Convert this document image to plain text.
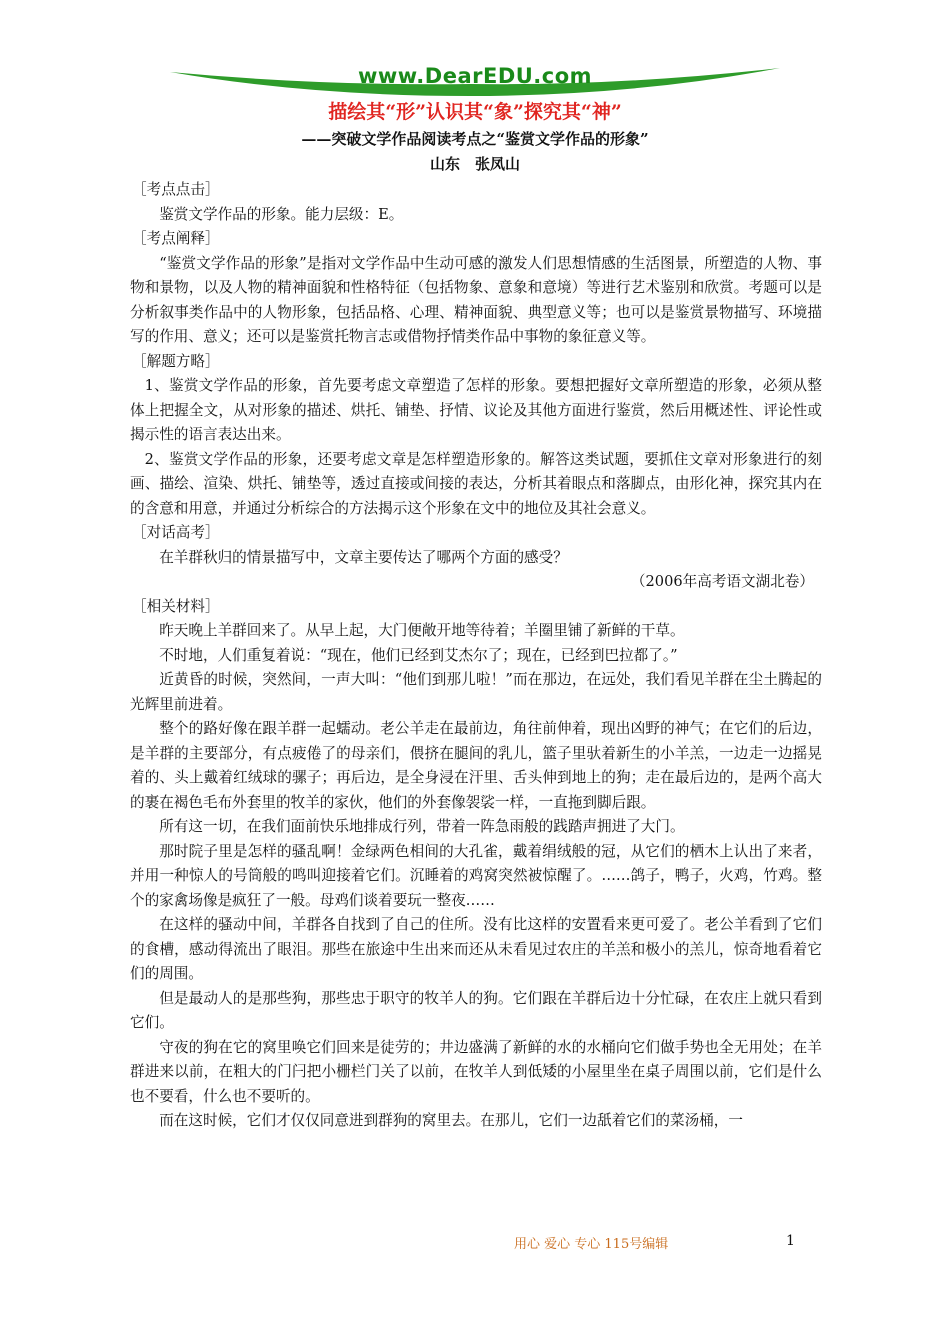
www.DearEDU.com
描绘其“形”认识其“象”探究其“神”
——突破文学作品阅读考点之“鉴赏文学作品的形象”
山东　张凤山

［考点点击］

鉴赏文学作品的形象。能力层级：E。

［考点阐释］

“鉴赏文学作品的形象”是指对文学作品中生动可感的激发人们思想情感的生活图景，所塑造的人物、事物和景物，以及人物的精神面貌和性格特征（包括物象、意象和意境）等进行艺术鉴别和欣赏。考题可以是分析叙事类作品中的人物形象，包括品格、心理、精神面貌、典型意义等；也可以是鉴赏景物描写、环境描写的作用、意义；还可以是鉴赏托物言志或借物抒情类作品中事物的象征意义等。

［解题方略］

1、鉴赏文学作品的形象，首先要考虑文章塑造了怎样的形象。要想把握好文章所塑造的形象，必须从整体上把握全文，从对形象的描述、烘托、铺垫、抒情、议论及其他方面进行鉴赏，然后用概述性、评论性或揭示性的语言表达出来。

2、鉴赏文学作品的形象，还要考虑文章是怎样塑造形象的。解答这类试题，要抓住文章对形象进行的刻画、描绘、渲染、烘托、铺垫等，透过直接或间接的表达，分析其着眼点和落脚点，由形化神，探究其内在的含意和用意，并通过分析综合的方法揭示这个形象在文中的地位及其社会意义。

［对话高考］

在羊群秋归的情景描写中，文章主要传达了哪两个方面的感受？

（2006年高考语文湖北卷）

［相关材料］

昨天晚上羊群回来了。从早上起，大门便敞开地等待着；羊圈里铺了新鲜的干草。

不时地，人们重复着说：“现在，他们已经到艾杰尔了；现在，已经到巴拉都了。”

近黄昏的时候，突然间，一声大叫：“他们到那儿啦！”而在那边，在远处，我们看见羊群在尘土腾起的光辉里前进着。

整个的路好像在跟羊群一起蠕动。老公羊走在最前边，角往前伸着，现出凶野的神气；在它们的后边，是羊群的主要部分，有点疲倦了的母亲们，偎挤在腿间的乳儿，篮子里驮着新生的小羊羔，一边走一边摇晃着的、头上戴着红绒球的骡子；再后边，是全身浸在汗里、舌头伸到地上的狗；走在最后边的，是两个高大的裹在褐色毛布外套里的牧羊的家伙，他们的外套像袈裟一样，一直拖到脚后跟。

所有这一切，在我们面前快乐地排成行列，带着一阵急雨般的践踏声拥进了大门。

那时院子里是怎样的骚乱啊！金绿两色相间的大孔雀，戴着绢绒般的冠，从它们的栖木上认出了来者，并用一种惊人的号筒般的鸣叫迎接着它们。沉睡着的鸡窝突然被惊醒了。……鸽子，鸭子，火鸡，竹鸡。整个的家禽场像是疯狂了一般。母鸡们谈着要玩一整夜……

在这样的骚动中间，羊群各自找到了自己的住所。没有比这样的安置看来更可爱了。老公羊看到了它们的食槽，感动得流出了眼泪。那些在旅途中生出来而还从未看见过农庄的羊羔和极小的羔儿，惊奇地看着它们的周围。

但是最动人的是那些狗，那些忠于职守的牧羊人的狗。它们跟在羊群后边十分忙碌，在农庄上就只看到它们。

守夜的狗在它的窝里唤它们回来是徒劳的；井边盛满了新鲜的水的水桶向它们做手势也全无用处；在羊群进来以前，在粗大的门闩把小栅栏门关了以前，在牧羊人到低矮的小屋里坐在桌子周围以前，它们是什么也不要看，什么也不要听的。

而在这时候，它们才仅仅同意进到群狗的窝里去。在那儿，它们一边舐着它们的菜汤桶，一

用心 爱心 专心 115号编辑	1
